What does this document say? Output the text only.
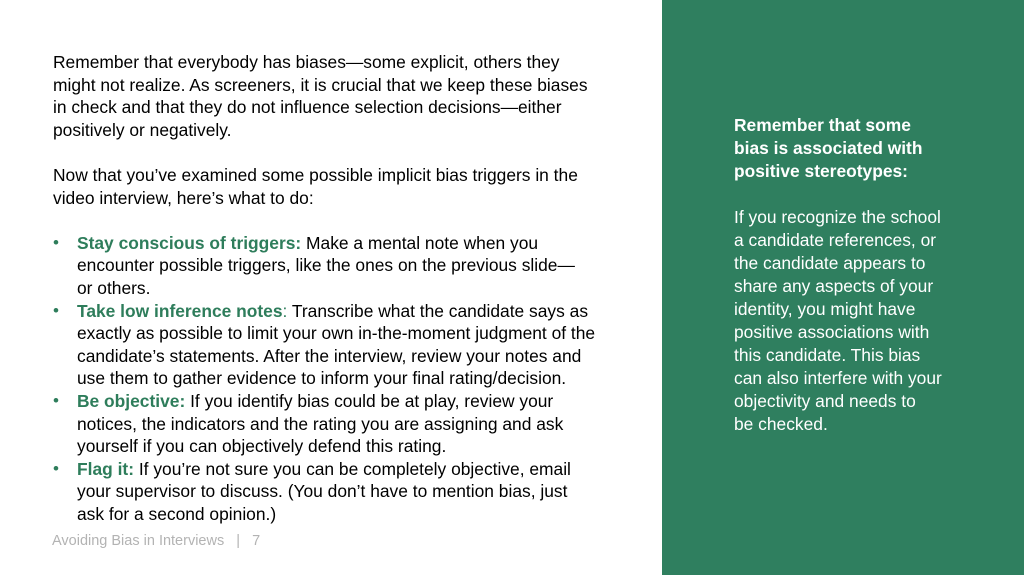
Remember that everybody has biases—some explicit, others they
might not realize. As screeners, it is crucial that we keep these biases
in check and that they do not influence selection decisions—either
positively or negatively.

Now that you’ve examined some possible implicit bias triggers in the
video interview, here’s what to do:

• Stay conscious of triggers: Make a mental note when you
encounter possible triggers, like the ones on the previous slide—
or others.
• Take low inference notes: Transcribe what the candidate says as
exactly as possible to limit your own in-the-moment judgment of the
candidate’s statements. After the interview, review your notes and
use them to gather evidence to inform your final rating/decision.
• Be objective: If you identify bias could be at play, review your
notices, the indicators and the rating you are assigning and ask
yourself if you can objectively defend this rating.
• Flag it: If you’re not sure you can be completely objective, email
your supervisor to discuss. (You don’t have to mention bias, just
ask for a second opinion.)
Avoiding Bias in Interviews   |   7

Remember that some
bias is associated with
positive stereotypes:

If you recognize the school
a candidate references, or
the candidate appears to
share any aspects of your
identity, you might have
positive associations with
this candidate. This bias
can also interfere with your
objectivity and needs to
be checked.
